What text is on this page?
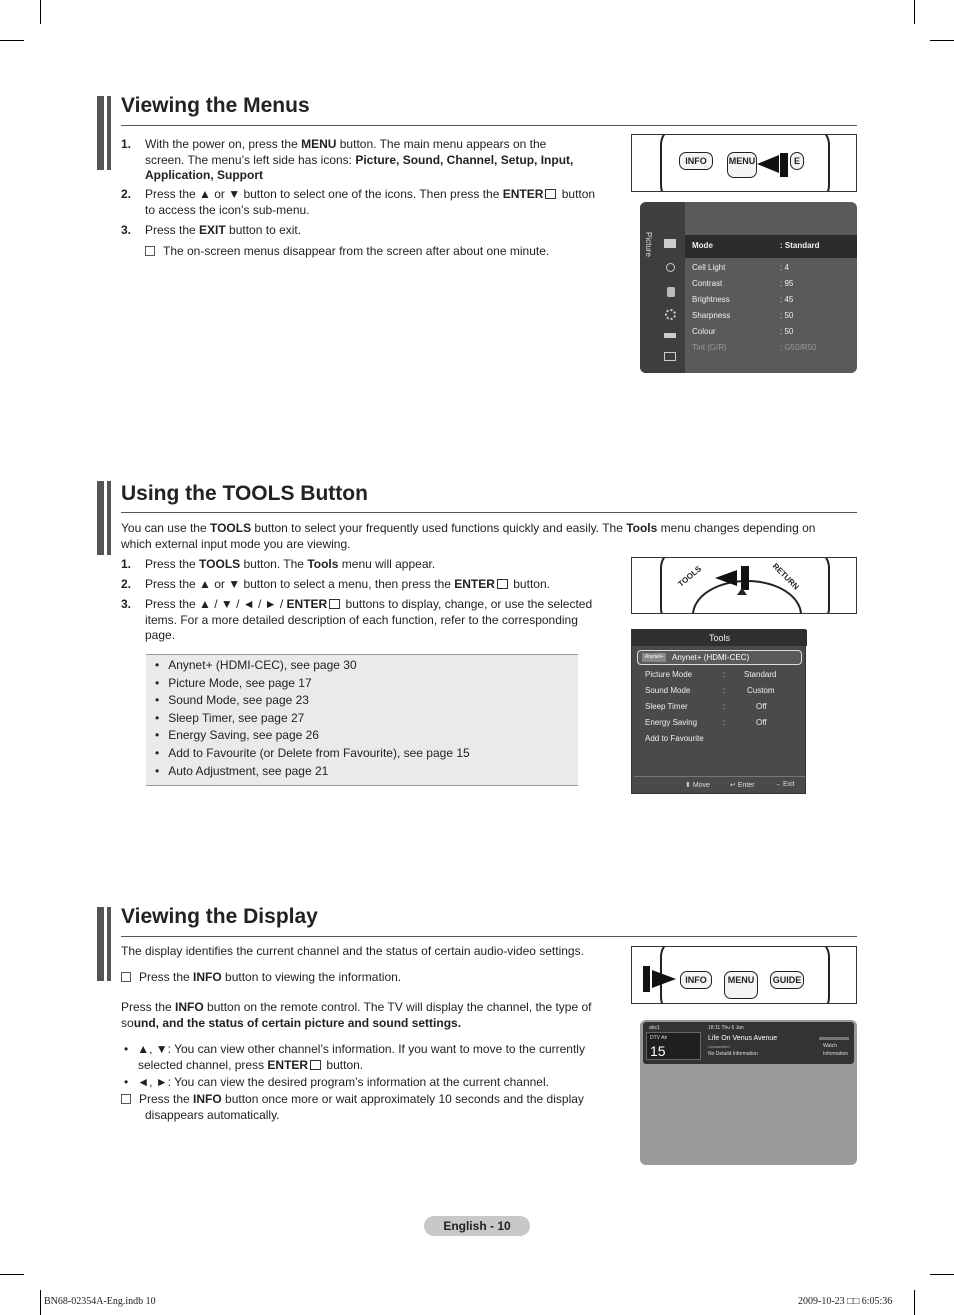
Viewing the Menus
1. With the power on, press the MENU button. The main menu appears on the
screen. The menu’s left side has icons: Picture, Sound, Channel, Setup, Input,
Application, Support
2. Press the ▲ or ▼ button to select one of the icons. Then press the ENTER button
to access the icon’s sub-menu.
3. Press the EXIT button to exit.
The on-screen menus disappear from the screen after about one minute.
INFO	MENU	E
Picture	Mode	: Standard
Cell Light	: 4
Contrast	: 95
Brightness	: 45
Sharpness	: 50
Colour	: 50
Tint (G/R)	: G50/R50
Using the TOOLS Button
You can use the TOOLS button to select your frequently used functions quickly and easily. The Tools menu changes depending on
which external input mode you are viewing.
1. Press the TOOLS button. The Tools menu will appear.
2. Press the ▲ or ▼ button to select a menu, then press the ENTER button.
3. Press the ▲ / ▼ / ◄ / ► / ENTER buttons to display, change, or use the selected
items. For a more detailed description of each function, refer to the corresponding
page.
• Anynet+ (HDMI-CEC), see page 30
• Picture Mode, see page 17
• Sound Mode, see page 23
• Sleep Timer, see page 27
• Energy Saving, see page 26
• Add to Favourite (or Delete from Favourite), see page 15
• Auto Adjustment, see page 21
TOOLS	RETURN
Tools
Anynet+	Anynet+ (HDMI-CEC)
Picture Mode	: Standard
Sound Mode	:	Custom
Sleep Timer	:	Off
Energy Saving	:	Off
Add to Favourite
⬍ Move	↵ Enter	→ Exit
Viewing the Display
The display identifies the current channel and the status of certain audio-video settings.
Press the INFO button to viewing the information.
Press the INFO button on the remote control. The TV will display the channel, the type of
sound, and the status of certain picture and sound settings.
• ▲, ▼: You can view other channel’s information. If you want to move to the currently
selected channel, press ENTER button.
• ◄, ►: You can view the desired program’s information at the current channel.
Press the INFO button once more or wait approximately 10 seconds and the display
disappears automatically.
INFO	MENU	GUIDE
abc1
DTV Air
15
18:11 Thu 6 Jan
Life On Venus Avenue
Unclassified
No Detaild Information
Watch
Information
English - 10
BN68-02354A-Eng.indb 10	2009-10-23 □□ 6:05:36
